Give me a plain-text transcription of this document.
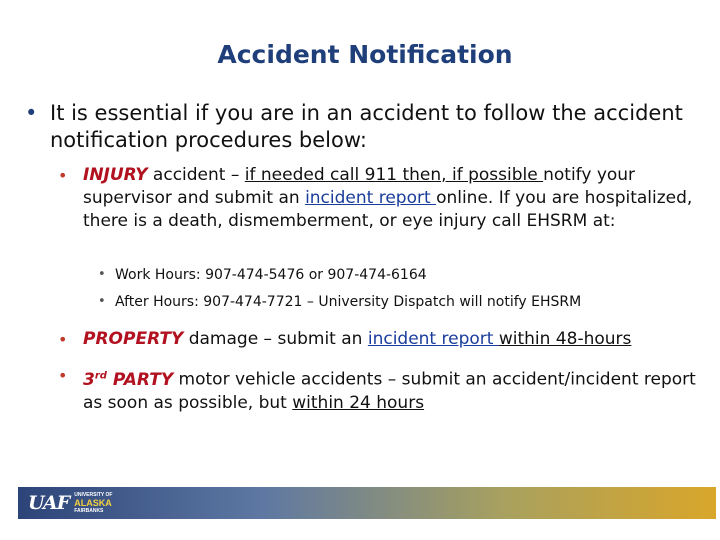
Accident Notification
• It is essential if you are in an accident to follow the accident notification procedures below:
• INJURY accident – if needed call 911 then, if possible notify your supervisor and submit an incident report online. If you are hospitalized, there is a death, dismemberment, or eye injury call EHSRM at:
• Work Hours: 907-474-5476 or 907-474-6164
• After Hours: 907-474-7721 – University Dispatch will notify EHSRM
• PROPERTY damage – submit an incident report within 48-hours
• 3rd PARTY motor vehicle accidents – submit an accident/incident report as soon as possible, but within 24 hours
UAF UNIVERSITY OF
ALASKA
FAIRBANKS
